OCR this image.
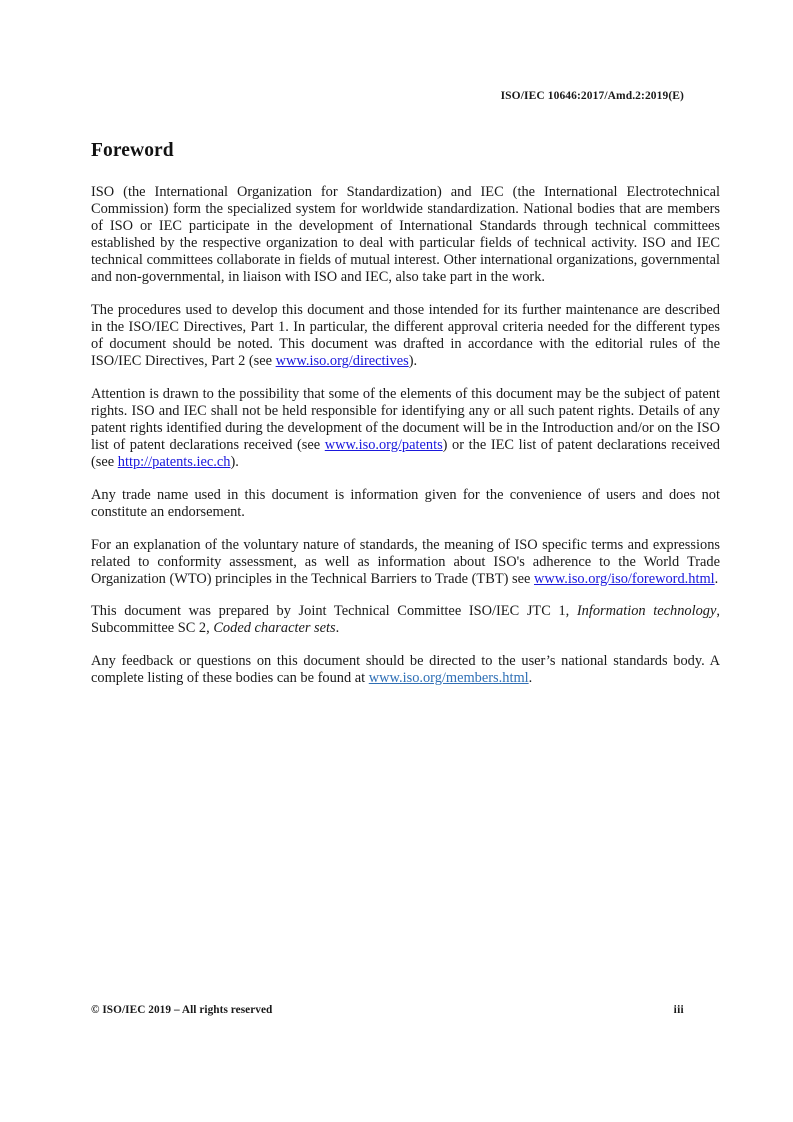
ISO/IEC 10646:2017/Amd.2:2019(E)
Foreword

ISO (the International Organization for Standardization) and IEC (the International Electrotechnical Commission) form the specialized system for worldwide standardization. National bodies that are members of ISO or IEC participate in the development of International Standards through technical committees established by the respective organization to deal with particular fields of technical activity. ISO and IEC technical committees collaborate in fields of mutual interest. Other international organizations, governmental and non-governmental, in liaison with ISO and IEC, also take part in the work.

The procedures used to develop this document and those intended for its further maintenance are described in the ISO/IEC Directives, Part 1. In particular, the different approval criteria needed for the different types of document should be noted. This document was drafted in accordance with the editorial rules of the ISO/IEC Directives, Part 2 (see www.iso.org/directives).

Attention is drawn to the possibility that some of the elements of this document may be the subject of patent rights. ISO and IEC shall not be held responsible for identifying any or all such patent rights. Details of any patent rights identified during the development of the document will be in the Introduction and/or on the ISO list of patent declarations received (see www.iso.org/patents) or the IEC list of patent declarations received (see http://patents.iec.ch).

Any trade name used in this document is information given for the convenience of users and does not constitute an endorsement.

For an explanation of the voluntary nature of standards, the meaning of ISO specific terms and expressions related to conformity assessment, as well as information about ISO's adherence to the World Trade Organization (WTO) principles in the Technical Barriers to Trade (TBT) see www.iso.org/iso/foreword.html.

This document was prepared by Joint Technical Committee ISO/IEC JTC 1, Information technology, Subcommittee SC 2, Coded character sets.

Any feedback or questions on this document should be directed to the user’s national standards body. A complete listing of these bodies can be found at www.iso.org/members.html.

© ISO/IEC 2019 – All rights reserved	iii
